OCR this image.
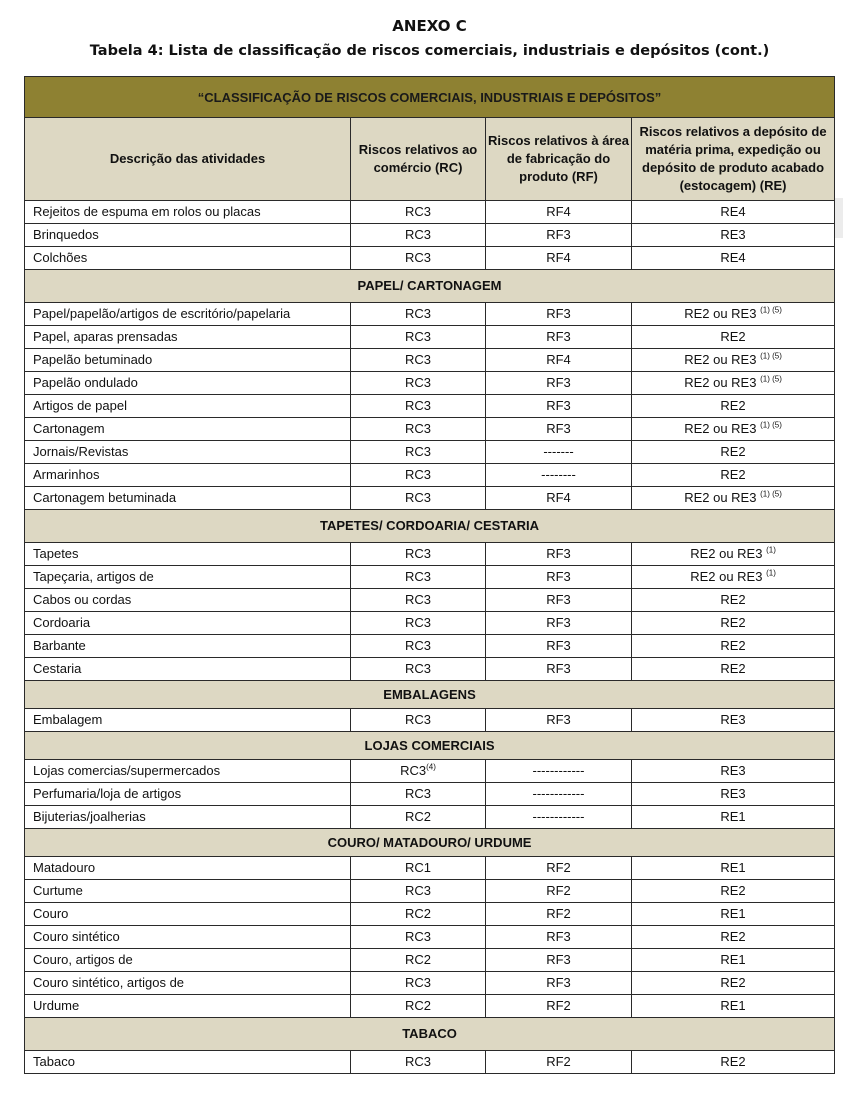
ANEXO C
Tabela 4: Lista de classificação de riscos comerciais, industriais e depósitos (cont.)
“CLASSIFICAÇÃO DE RISCOS COMERCIAIS, INDUSTRIAIS E DEPÓSITOS”			
Descrição das atividades	Riscos relativos ao comércio (RC)	Riscos relativos à área de fabricação do produto (RF)	Riscos relativos a depósito de matéria prima, expedição ou depósito de produto acabado (estocagem) (RE)
Rejeitos de espuma em rolos ou placas	RC3	RF4	RE4
Brinquedos	RC3	RF3	RE3
Colchões	RC3	RF4	RE4
PAPEL/ CARTONAGEM			
Papel/papelão/artigos de escritório/papelaria	RC3	RF3	RE2 ou RE3 $^{(1) (5)}$
Papel, aparas prensadas	RC3	RF3	RE2
Papelão betuminado	RC3	RF4	RE2 ou RE3 $^{(1) (5)}$
Papelão ondulado	RC3	RF3	RE2 ou RE3 $^{(1) (5)}$
Artigos de papel	RC3	RF3	RE2
Cartonagem	RC3	RF3	RE2 ou RE3 $^{(1) (5)}$
Jornais/Revistas	RC3	-------	RE2
Armarinhos	RC3	--------	RE2
Cartonagem betuminada	RC3	RF4	RE2 ou RE3 $^{(1) (5)}$
TAPETES/ CORDOARIA/ CESTARIA			
Tapetes	RC3	RF3	RE2 ou RE3 $^{(1)}$
Tapeçaria, artigos de	RC3	RF3	RE2 ou RE3 $^{(1)}$
Cabos ou cordas	RC3	RF3	RE2
Cordoaria	RC3	RF3	RE2
Barbante	RC3	RF3	RE2
Cestaria	RC3	RF3	RE2
EMBALAGENS			
Embalagem	RC3	RF3	RE3
LOJAS COMERCIAIS			
Lojas comercias/supermercados	RC3$^{(4)}$	------------	RE3
Perfumaria/loja de artigos	RC3	------------	RE3
Bijuterias/joalherias	RC2	------------	RE1
COURO/ MATADOURO/ URDUME			
Matadouro	RC1	RF2	RE1
Curtume	RC3	RF2	RE2
Couro	RC2	RF2	RE1
Couro sintético	RC3	RF3	RE2
Couro, artigos de	RC2	RF3	RE1
Couro sintético, artigos de	RC3	RF3	RE2
Urdume	RC2	RF2	RE1
TABACO			
Tabaco	RC3	RF2	RE2
